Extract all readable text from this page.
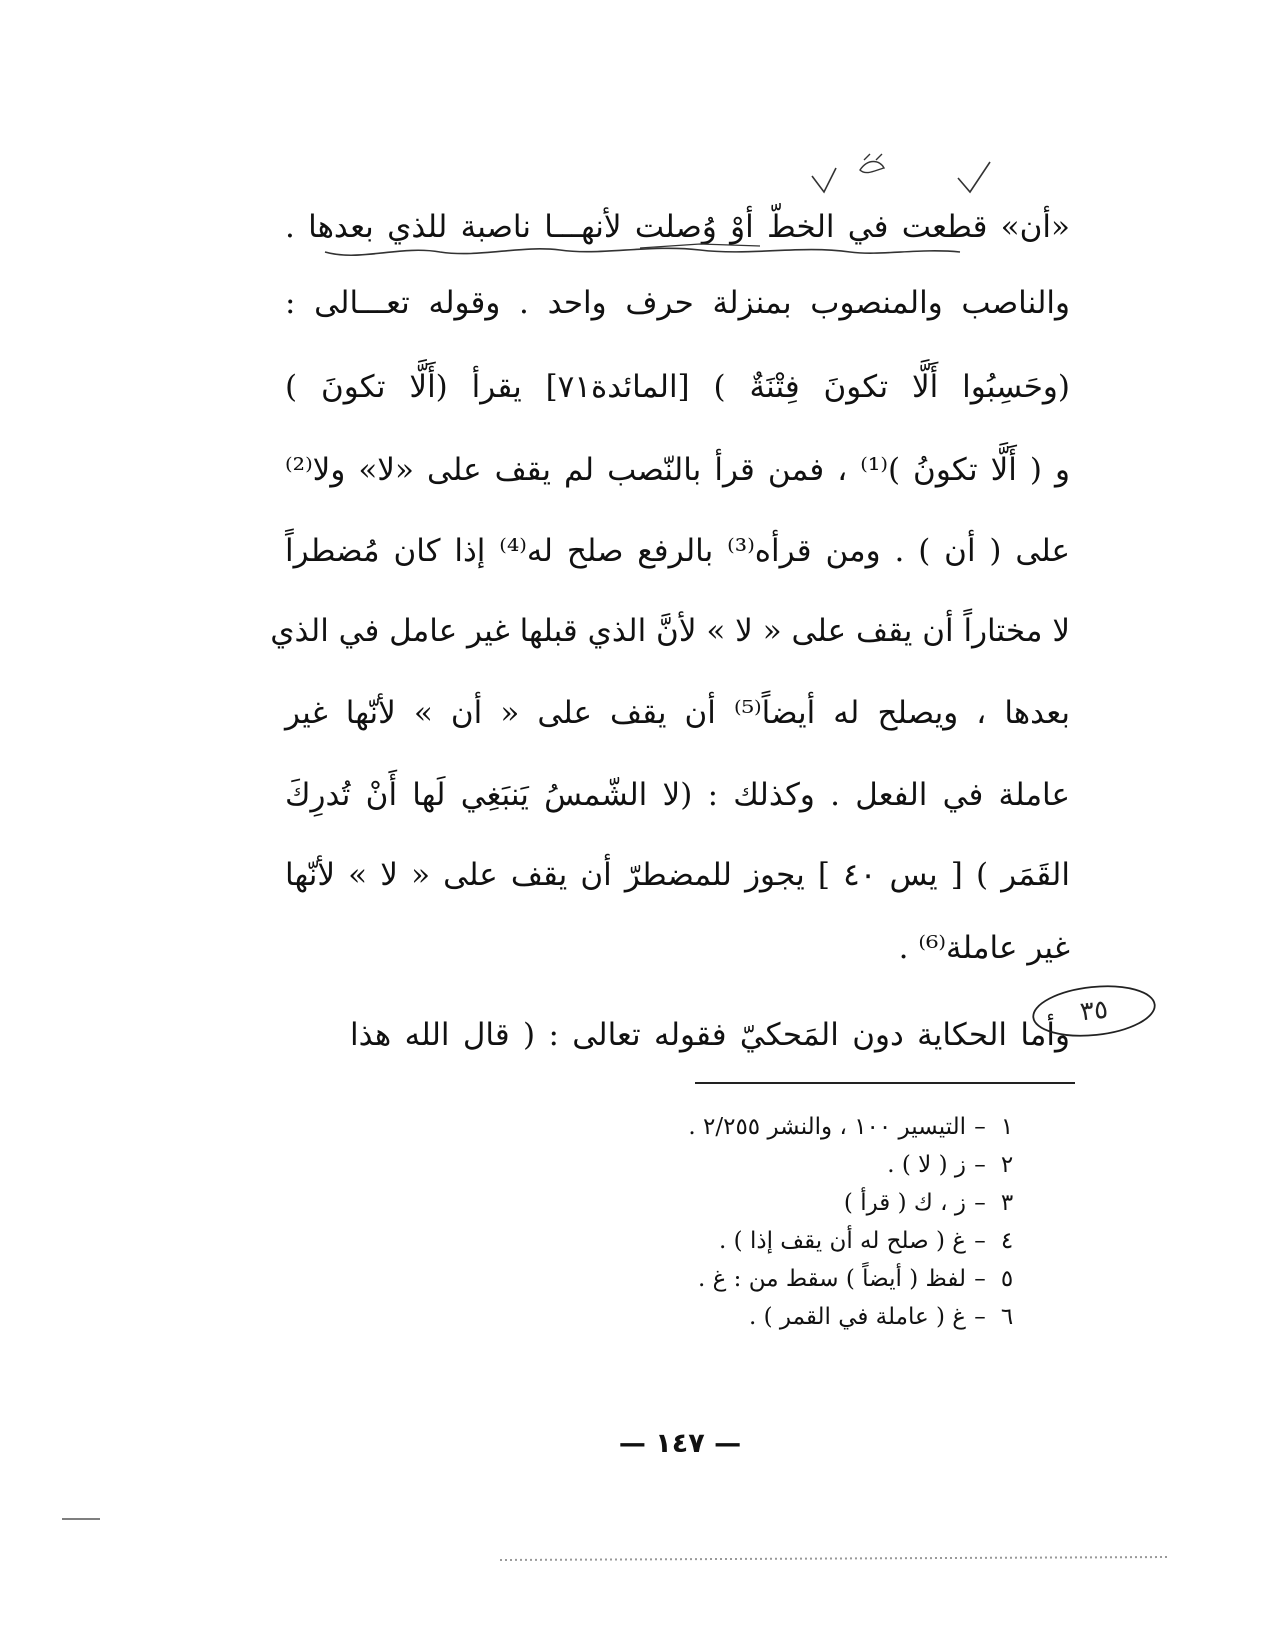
«أن» قطعت في الخطّ أوْ وُصلت لأنهـــا ناصبة للذي بعدها .
والناصب والمنصوب بمنزلة حرف واحد . وقوله تعـــالى :
(وحَسِبُوا أَلَّا تكونَ فِتْنَةٌ ) [المائدة٧١] يقرأ (أَلَّا تكونَ )
و ( أَلَّا تكونُ )⁽¹⁾ ، فمن قرأ بالنّصب لم يقف على «لا» ولا⁽²⁾
على ( أن ) . ومن قرأه⁽³⁾ بالرفع صلح له⁽⁴⁾ إذا كان مُضطراً
لا مختاراً أن يقف على « لا » لأنَّ الذي قبلها غير عامل في الذي
بعدها ، ويصلح له أيضاً⁽⁵⁾ أن يقف على « أن » لأنّها غير
عاملة في الفعل . وكذلك : (لا الشّمسُ يَنبَغِي لَها أَنْ تُدرِكَ
القَمَر ) [ يس ٤٠ ] يجوز للمضطرّ أن يقف على « لا » لأنّها
غير عاملة⁽⁶⁾ .
وأما الحكاية دون المَحكيّ فقوله تعالى : ( قال الله هذا
٣٥
١–التيسير ١٠٠ ، والنشر ٢/٢٥٥ .
٢–ز ( لا ) .
٣–ز ، ك ( قرأ )
٤–غ ( صلح له أن يقف إذا ) .
٥–لفظ ( أيضاً ) سقط من : غ .
٦–غ ( عاملة في القمر ) .
— ١٤٧ —
